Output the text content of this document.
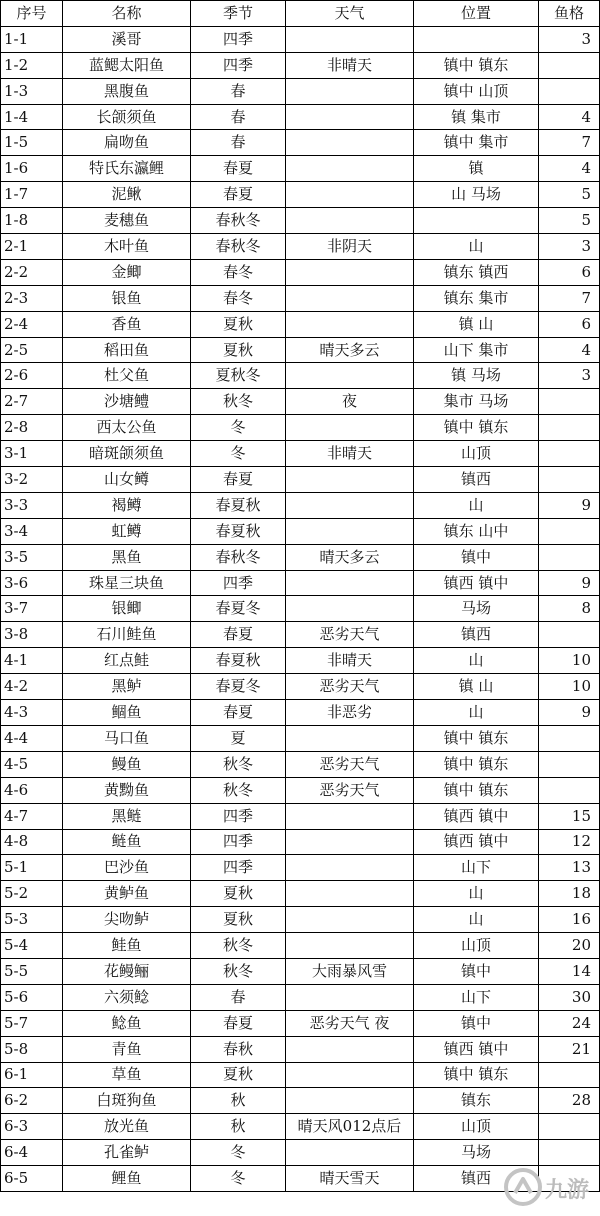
序号	名称	季节	天气	位置	鱼格
1-1	溪哥	四季			3
1-2	蓝鳃太阳鱼	四季	非晴天	镇中 镇东	
1-3	黑腹鱼	春		镇中 山顶	
1-4	长颌须鱼	春		镇 集市	4
1-5	扁吻鱼	春		镇中 集市	7
1-6	特氏东瀛鲤	春夏		镇	4
1-7	泥鳅	春夏		山 马场	5
1-8	麦穗鱼	春秋冬			5
2-1	木叶鱼	春秋冬	非阴天	山	3
2-2	金鲫	春冬		镇东 镇西	6
2-3	银鱼	春冬		镇东 集市	7
2-4	香鱼	夏秋		镇 山	6
2-5	稻田鱼	夏秋	晴天多云	山下 集市	4
2-6	杜父鱼	夏秋冬		镇 马场	3
2-7	沙塘鳢	秋冬	夜	集市 马场	
2-8	西太公鱼	冬		镇中 镇东	
3-1	暗斑颌须鱼	冬	非晴天	山顶	
3-2	山女鳟	春夏		镇西	
3-3	褐鳟	春夏秋		山	9
3-4	虹鳟	春夏秋		镇东 山中	
3-5	黑鱼	春秋冬	晴天多云	镇中	
3-6	珠星三块鱼	四季		镇西 镇中	9
3-7	银鲫	春夏冬		马场	8
3-8	石川鲑鱼	春夏	恶劣天气	镇西	
4-1	红点鲑	春夏秋	非晴天	山	10
4-2	黑鲈	春夏冬	恶劣天气	镇 山	10
4-3	鲴鱼	春夏	非恶劣	山	9
4-4	马口鱼	夏		镇中 镇东	
4-5	鳗鱼	秋冬	恶劣天气	镇中 镇东	
4-6	黄黝鱼	秋冬	恶劣天气	镇中 镇东	
4-7	黑鲢	四季		镇西 镇中	15
4-8	鲢鱼	四季		镇西 镇中	12
5-1	巴沙鱼	四季		山下	13
5-2	黄鲈鱼	夏秋		山	18
5-3	尖吻鲈	夏秋		山	16
5-4	鲑鱼	秋冬		山顶	20
5-5	花鳗鲡	秋冬	大雨暴风雪	镇中	14
5-6	六须鲶	春		山下	30
5-7	鲶鱼	春夏	恶劣天气 夜	镇中	24
5-8	青鱼	春秋		镇西 镇中	21
6-1	草鱼	夏秋		镇中 镇东	
6-2	白斑狗鱼	秋		镇东	28
6-3	放光鱼	秋	晴天风012点后	山顶	
6-4	孔雀鲈	冬		马场	
6-5	鲤鱼	冬	晴天雪天	镇西	九游
